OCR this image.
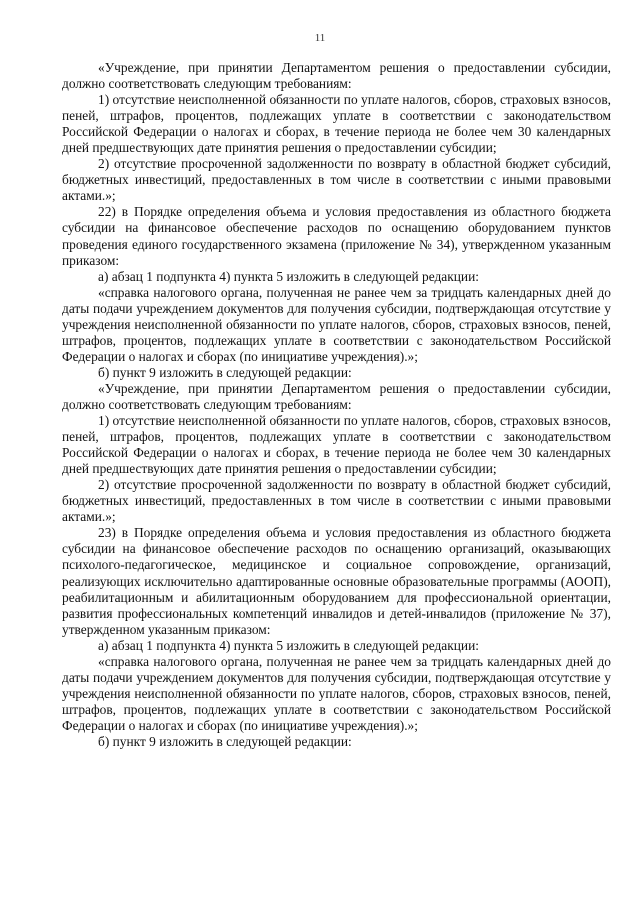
11

«Учреждение, при принятии Департаментом решения о предоставлении субсидии, должно соответствовать следующим требованиям:

1) отсутствие неисполненной обязанности по уплате налогов, сборов, страховых взносов, пеней, штрафов, процентов, подлежащих уплате в соответствии с законодательством Российской Федерации о налогах и сборах, в течение периода не более чем 30 календарных дней предшествующих дате принятия решения о предоставлении субсидии;

2) отсутствие просроченной задолженности по возврату в областной бюджет субсидий, бюджетных инвестиций, предоставленных в том числе в соответствии с иными правовыми актами.»;

22) в Порядке определения объема и условия предоставления из областного бюджета субсидии на финансовое обеспечение расходов по оснащению оборудованием пунктов проведения единого государственного экзамена (приложение № 34), утвержденном указанным приказом:

а) абзац 1 подпункта 4) пункта 5 изложить в следующей редакции:

«справка налогового органа, полученная не ранее чем за тридцать календарных дней до даты подачи учреждением документов для получения субсидии, подтверждающая отсутствие у учреждения неисполненной обязанности по уплате налогов, сборов, страховых взносов, пеней, штрафов, процентов, подлежащих уплате в соответствии с законодательством Российской Федерации о налогах и сборах (по инициативе учреждения).»;

б) пункт 9 изложить в следующей редакции:

«Учреждение, при принятии Департаментом решения о предоставлении субсидии, должно соответствовать следующим требованиям:

1) отсутствие неисполненной обязанности по уплате налогов, сборов, страховых взносов, пеней, штрафов, процентов, подлежащих уплате в соответствии с законодательством Российской Федерации о налогах и сборах, в течение периода не более чем 30 календарных дней предшествующих дате принятия решения о предоставлении субсидии;

2) отсутствие просроченной задолженности по возврату в областной бюджет субсидий, бюджетных инвестиций, предоставленных в том числе в соответствии с иными правовыми актами.»;

23) в Порядке определения объема и условия предоставления из областного бюджета субсидии на финансовое обеспечение расходов по оснащению организаций, оказывающих психолого-педагогическое, медицинское и социальное сопровождение, организаций, реализующих исключительно адаптированные основные образовательные программы (АООП), реабилитационным и абилитационным оборудованием для профессиональной ориентации, развития профессиональных компетенций инвалидов и детей-инвалидов (приложение № 37), утвержденном указанным приказом:

а) абзац 1 подпункта 4) пункта 5 изложить в следующей редакции:

«справка налогового органа, полученная не ранее чем за тридцать календарных дней до даты подачи учреждением документов для получения субсидии, подтверждающая отсутствие у учреждения неисполненной обязанности по уплате налогов, сборов, страховых взносов, пеней, штрафов, процентов, подлежащих уплате в соответствии с законодательством Российской Федерации о налогах и сборах (по инициативе учреждения).»;

б) пункт 9 изложить в следующей редакции:
